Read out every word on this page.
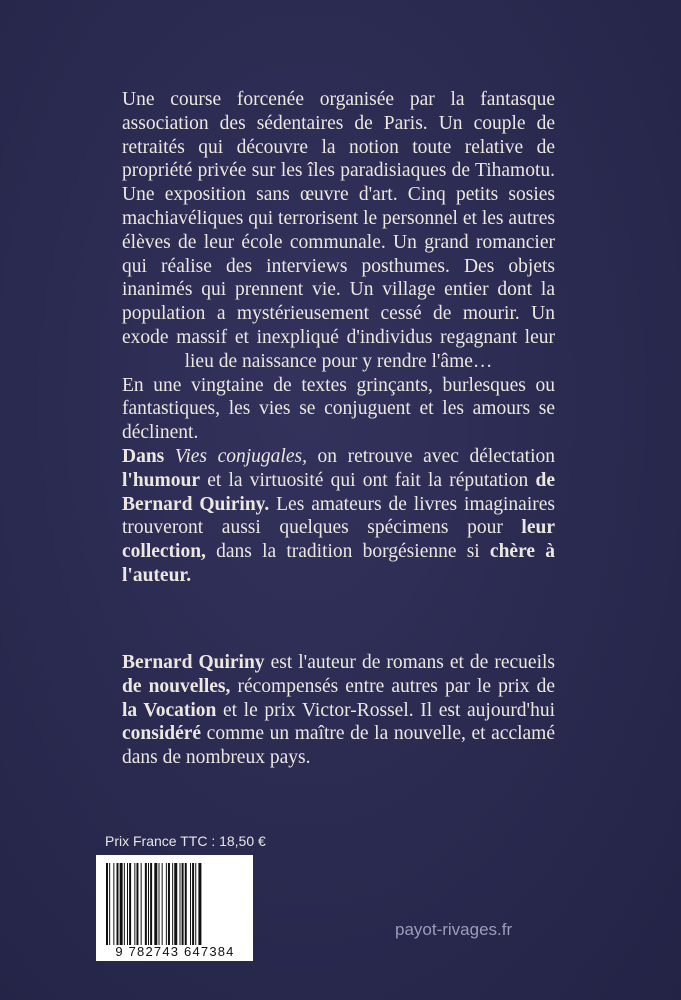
Une course forcenée organisée par la fantasque association des sédentaires de Paris. Un couple de retraités qui découvre la notion toute relative de propriété privée sur les îles paradisiaques de Tihamotu. Une exposition sans œuvre d'art. Cinq petits sosies machiavéliques qui terrorisent le personnel et les autres élèves de leur école communale. Un grand romancier qui réalise des interviews posthumes. Des objets inanimés qui prennent vie. Un village entier dont la population a mystérieusement cessé de mourir. Un exode massif et inexpliqué d'individus regagnant leur lieu de naissance pour y rendre l'âme…

En une vingtaine de textes grinçants, burlesques ou fantastiques, les vies se conjuguent et les amours se déclinent.

Dans Vies conjugales, on retrouve avec délectation l'humour et la virtuosité qui ont fait la réputation de Bernard Quiriny. Les amateurs de livres imaginaires trouveront aussi quelques spécimens pour leur collection, dans la tradition borgésienne si chère à l'auteur.

Bernard Quiriny est l'auteur de romans et de recueils de nouvelles, récompensés entre autres par le prix de la Vocation et le prix Victor-Rossel. Il est aujourd'hui considéré comme un maître de la nouvelle, et acclamé dans de nombreux pays.

Prix France TTC : 18,50 €
9 782743 647384
payot-rivages.fr
